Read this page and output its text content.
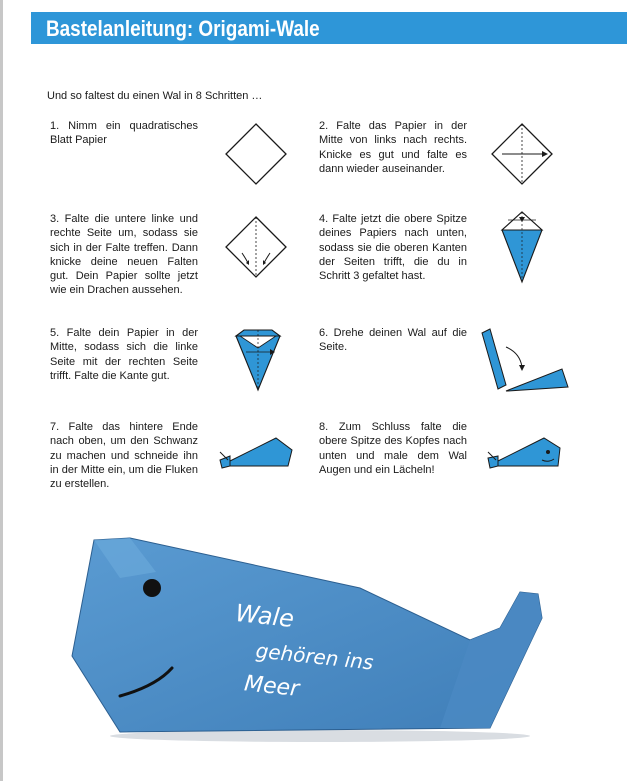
Bastelanleitung: Origami-Wale
Und so faltest du einen Wal in 8 Schritten …
1. Nimm ein quadratisches Blatt Papier
2. Falte das Papier in der Mitte von links nach rechts. Knicke es gut und falte es dann wieder auseinander.
3. Falte die untere linke und rechte Seite um, sodass sie sich in der Falte treffen. Dann knicke deine neuen Falten gut. Dein Papier sollte jetzt wie ein Drachen aussehen.
4. Falte jetzt die obere Spitze deines Papiers nach unten, sodass sie die oberen Kanten der Seiten trifft, die du in Schritt 3 gefaltet hast.
5. Falte dein Papier in der Mitte, sodass sich die linke Seite mit der rechten Seite trifft. Falte die Kante gut.
6. Drehe deinen Wal auf die Seite.
7. Falte das hintere Ende nach oben, um den Schwanz zu machen und schneide ihn in der Mitte ein, um die Fluken zu erstellen.
8. Zum Schluss falte die obere Spitze des Kopfes nach unten und male dem Wal Augen und ein Lächeln!
Wale
gehören ins
Meer
